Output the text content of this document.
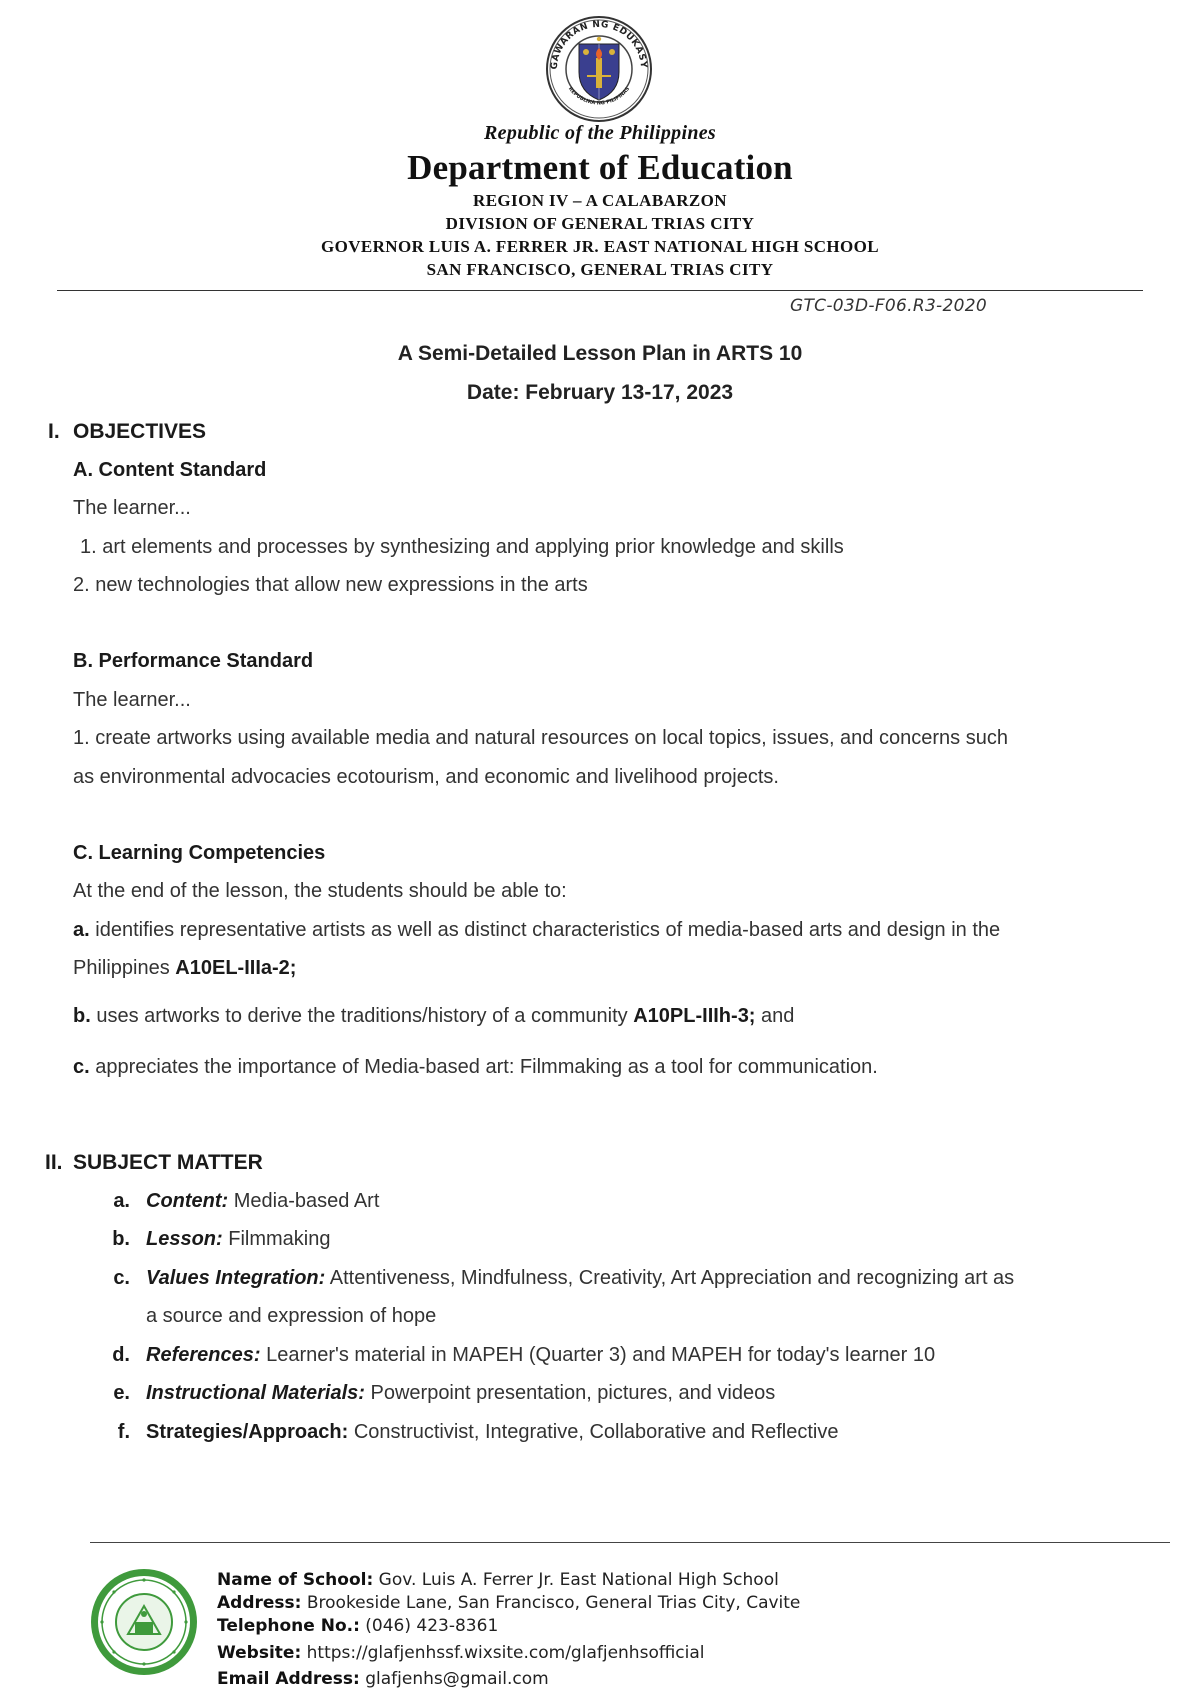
GAWARAN NG EDUKASY
REPUBLIKA NG PILIPINAS

Republic of the Philippines

Department of Education

REGION IV – A CALABARZON

DIVISION OF GENERAL TRIAS CITY

GOVERNOR LUIS A. FERRER JR. EAST NATIONAL HIGH SCHOOL

SAN FRANCISCO, GENERAL TRIAS CITY

GTC-03D-F06.R3-2020
A Semi-Detailed Lesson Plan in ARTS 10
Date: February 13-17, 2023
I. OBJECTIVES
A. Content Standard
The learner...
1. art elements and processes by synthesizing and applying prior knowledge and skills
2. new technologies that allow new expressions in the arts
B. Performance Standard
The learner...
1. create artworks using available media and natural resources on local topics, issues, and concerns such
as environmental advocacies ecotourism, and economic and livelihood projects.
C. Learning Competencies
At the end of the lesson, the students should be able to:
a. identifies representative artists as well as distinct characteristics of media-based arts and design in the
Philippines A10EL-IIIa-2;
b. uses artworks to derive the traditions/history of a community A10PL-IIIh-3; and
c. appreciates the importance of Media-based art: Filmmaking as a tool for communication.
II. SUBJECT MATTER
a. Content: Media-based Art
b. Lesson: Filmmaking
c. Values Integration: Attentiveness, Mindfulness, Creativity, Art Appreciation and recognizing art as
a source and expression of hope
d. References: Learner's material in MAPEH (Quarter 3) and MAPEH for today's learner 10
e. Instructional Materials: Powerpoint presentation, pictures, and videos
f. Strategies/Approach: Constructivist, Integrative, Collaborative and Reflective
Name of School: Gov. Luis A. Ferrer Jr. East National High School
Address: Brookeside Lane, San Francisco, General Trias City, Cavite
Telephone No.: (046) 423-8361
Website: https://glafjenhssf.wixsite.com/glafjenhsofficial
Email Address: glafjenhs@gmail.com
